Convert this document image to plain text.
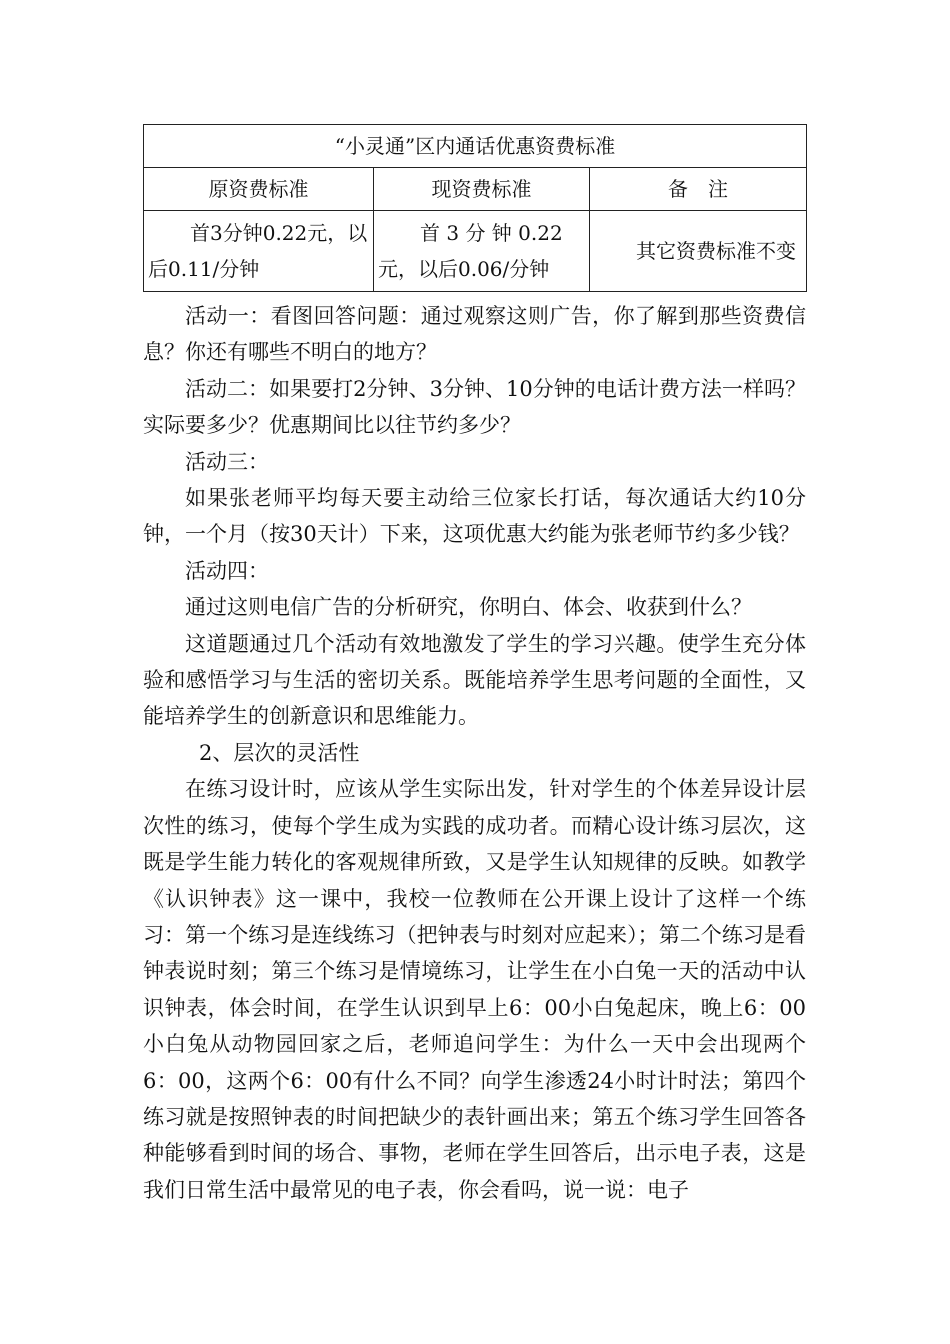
“小灵通”区内通话优惠资费标准		
原资费标准	现资费标准	备　注
首3分钟0.22元，以后0.11/分钟	首 3 分 钟 0.22 元，以后0.06/分钟	其它资费标准不变

活动一：看图回答问题：通过观察这则广告，你了解到那些资费信息？你还有哪些不明白的地方？

活动二：如果要打2分钟、3分钟、10分钟的电话计费方法一样吗？实际要多少？优惠期间比以往节约多少？

活动三：

如果张老师平均每天要主动给三位家长打话，每次通话大约10分钟，一个月（按30天计）下来，这项优惠大约能为张老师节约多少钱？

活动四：

通过这则电信广告的分析研究，你明白、体会、收获到什么？

这道题通过几个活动有效地激发了学生的学习兴趣。使学生充分体验和感悟学习与生活的密切关系。既能培养学生思考问题的全面性，又能培养学生的创新意识和思维能力。

2、层次的灵活性

在练习设计时，应该从学生实际出发，针对学生的个体差异设计层次性的练习，使每个学生成为实践的成功者。而精心设计练习层次，这既是学生能力转化的客观规律所致，又是学生认知规律的反映。如教学《认识钟表》这一课中，我校一位教师在公开课上设计了这样一个练习：第一个练习是连线练习（把钟表与时刻对应起来）；第二个练习是看钟表说时刻；第三个练习是情境练习，让学生在小白兔一天的活动中认识钟表，体会时间，在学生认识到早上6：00小白兔起床，晚上6：00小白兔从动物园回家之后，老师追问学生：为什么一天中会出现两个6：00，这两个6：00有什么不同？向学生渗透24小时计时法；第四个练习就是按照钟表的时间把缺少的表针画出来；第五个练习学生回答各种能够看到时间的场合、事物，老师在学生回答后，出示电子表，这是我们日常生活中最常见的电子表，你会看吗，说一说：电子
